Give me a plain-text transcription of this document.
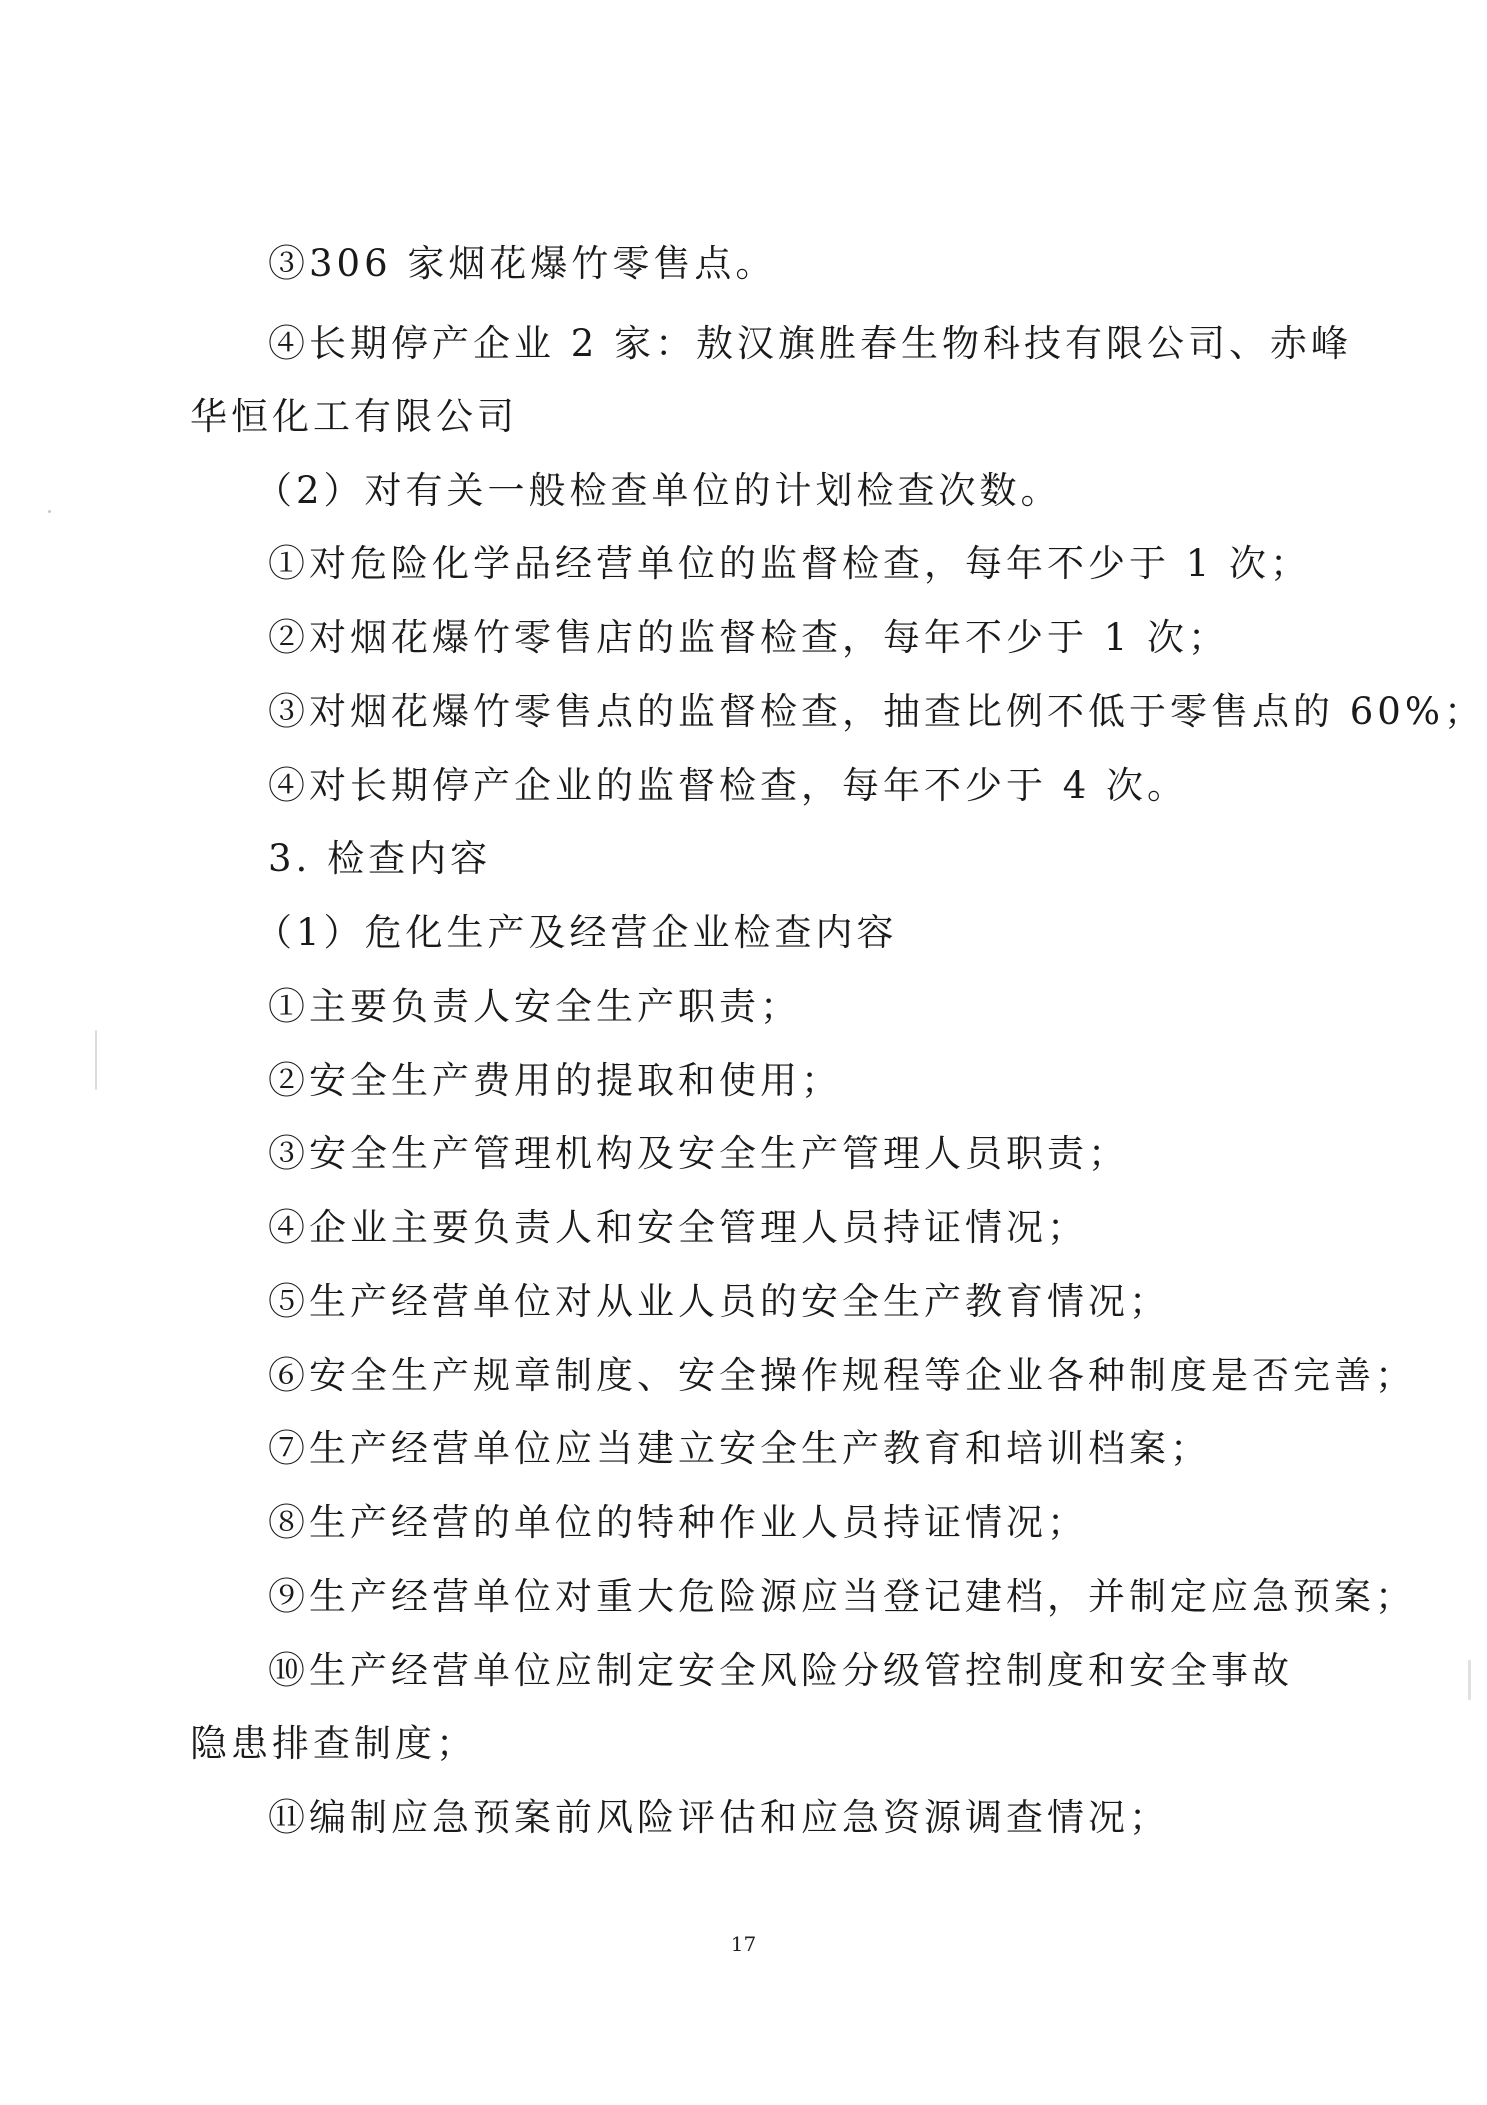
③306 家烟花爆竹零售点。
④长期停产企业 2 家：敖汉旗胜春生物科技有限公司、赤峰
华恒化工有限公司
（2）对有关一般检查单位的计划检查次数。
①对危险化学品经营单位的监督检查，每年不少于 1 次；
②对烟花爆竹零售店的监督检查，每年不少于 1 次；
③对烟花爆竹零售点的监督检查，抽查比例不低于零售点的 60%；
④对长期停产企业的监督检查，每年不少于 4 次。
3. 检查内容
（1）危化生产及经营企业检查内容
①主要负责人安全生产职责；
②安全生产费用的提取和使用；
③安全生产管理机构及安全生产管理人员职责；
④企业主要负责人和安全管理人员持证情况；
⑤生产经营单位对从业人员的安全生产教育情况；
⑥安全生产规章制度、安全操作规程等企业各种制度是否完善；
⑦生产经营单位应当建立安全生产教育和培训档案；
⑧生产经营的单位的特种作业人员持证情况；
⑨生产经营单位对重大危险源应当登记建档，并制定应急预案；
⑩生产经营单位应制定安全风险分级管控制度和安全事故
隐患排查制度；
⑪编制应急预案前风险评估和应急资源调查情况；
17
